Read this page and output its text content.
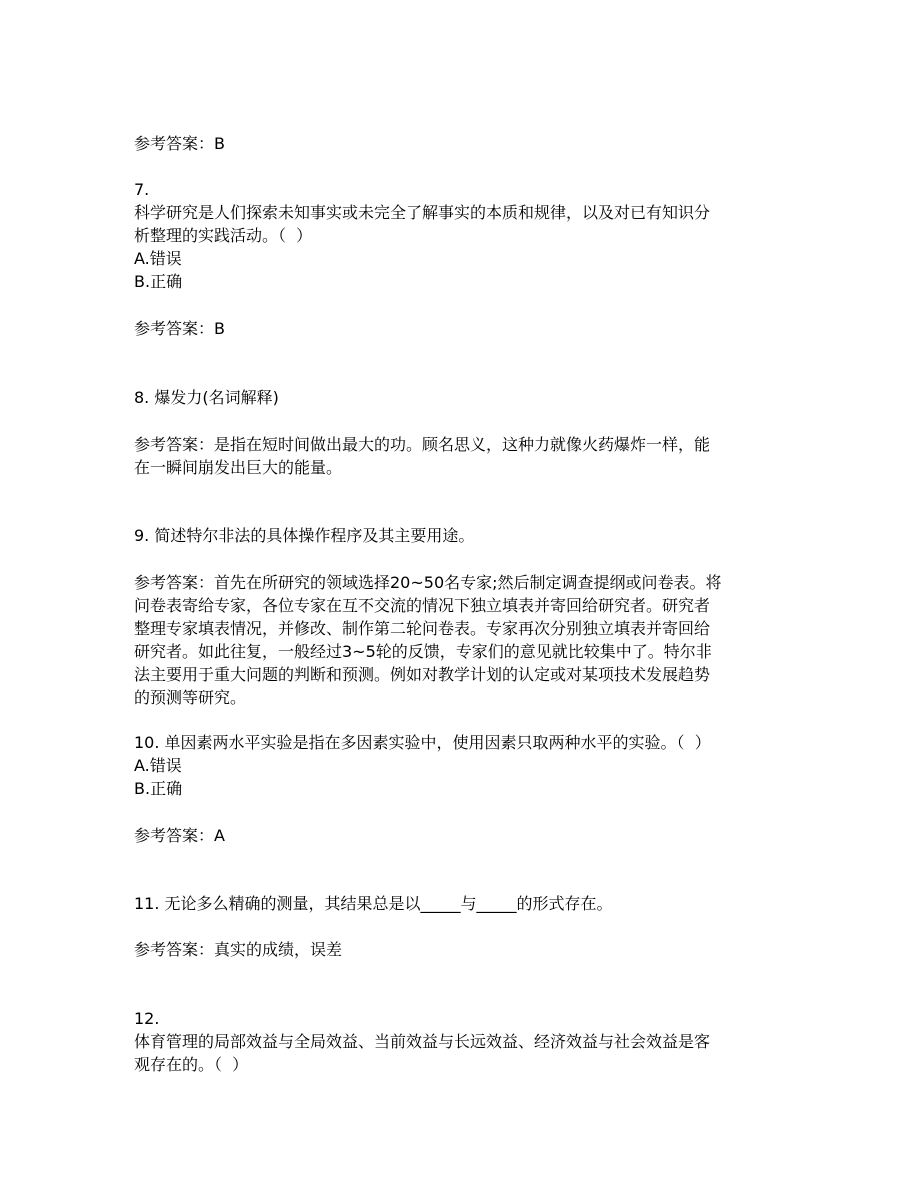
参考答案：B

7.

科学研究是人们探索未知事实或未完全了解事实的本质和规律，以及对已有知识分

析整理的实践活动。（  ）

A.错误

B.正确

参考答案：B

8. 爆发力(名词解释)

参考答案：是指在短时间做出最大的功。顾名思义，这种力就像火药爆炸一样，能

在一瞬间崩发出巨大的能量。

9. 简述特尔非法的具体操作程序及其主要用途。

参考答案：首先在所研究的领域选择20~50名专家;然后制定调查提纲或问卷表。将

问卷表寄给专家，各位专家在互不交流的情况下独立填表并寄回给研究者。研究者

整理专家填表情况，并修改、制作第二轮问卷表。专家再次分别独立填表并寄回给

研究者。如此往复，一般经过3~5轮的反馈，专家们的意见就比较集中了。特尔非

法主要用于重大问题的判断和预测。例如对教学计划的认定或对某项技术发展趋势

的预测等研究。

10. 单因素两水平实验是指在多因素实验中，使用因素只取两种水平的实验。（  ）

A.错误

B.正确

参考答案：A

11. 无论多么精确的测量，其结果总是以_____与_____的形式存在。

参考答案：真实的成绩，误差

12.

体育管理的局部效益与全局效益、当前效益与长远效益、经济效益与社会效益是客

观存在的。（  ）
